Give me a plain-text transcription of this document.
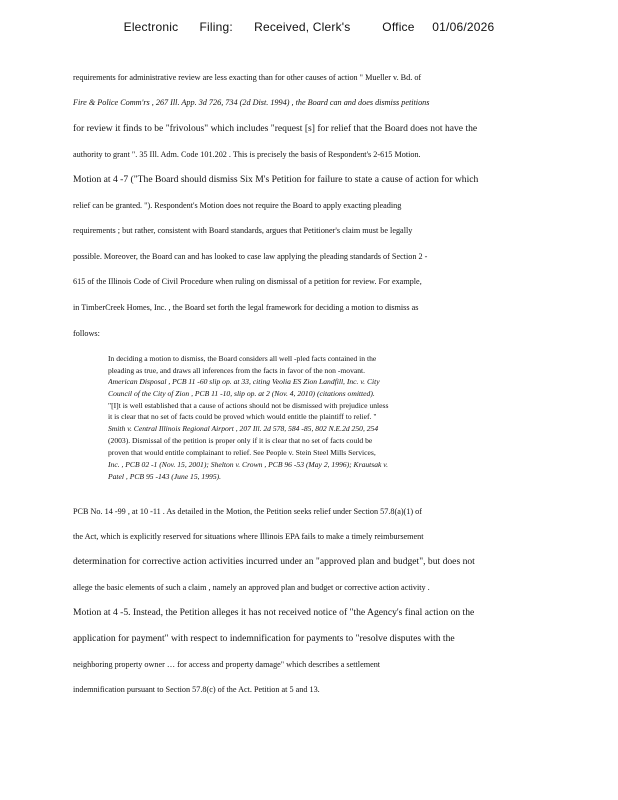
Electronic      Filing:      Received, Clerk's         Office     01/06/2026
requirements for administrative review are less exacting than for other causes of action " Mueller v. Bd. of
Fire & Police Comm'rs , 267 Ill. App. 3d 726, 734 (2d Dist. 1994) , the Board can and does dismiss petitions
for review it finds to be "frivolous" which includes "request [s] for relief that the Board does not have the
authority to grant ". 35 Ill. Adm. Code 101.202 . This is precisely the basis of Respondent's 2-615 Motion.
Motion at 4 -7 ("The Board should dismiss Six M's Petition for failure to state a cause of action for which
relief can be granted. "). Respondent's Motion does not require the Board to apply exacting pleading
requirements ; but rather, consistent with Board standards, argues that Petitioner's claim must be legally
possible. Moreover, the Board can and has looked to case law applying the pleading standards of Section 2 -
615 of the Illinois Code of Civil Procedure when ruling on dismissal of a petition for review. For example,
in TimberCreek Homes, Inc. , the Board set forth the legal framework for deciding a motion to dismiss as
follows:
In deciding a motion to dismiss, the Board considers all well -pled facts contained in the
pleading as true, and draws all inferences from the facts in favor of the non -movant.
American Disposal , PCB 11 -60 slip op. at 33, citing Veolia ES Zion Landfill, Inc. v. City
Council of the City of Zion , PCB 11 -10, slip op. at 2 (Nov. 4, 2010) (citations omitted).
"[I]t is well established that a cause of actions should not be dismissed with prejudice unless
it is clear that no set of facts could be proved which would entitle the plaintiff to relief. "
Smith v. Central Illinois Regional Airport , 207 Ill. 2d 578, 584 -85, 802 N.E.2d 250, 254
(2003). Dismissal of the petition is proper only if it is clear that no set of facts could be
proven that would entitle complainant to relief. See People v. Stein Steel Mills Services,
Inc. , PCB 02 -1 (Nov. 15, 2001); Shelton v. Crown , PCB 96 -53 (May 2, 1996); Krautsak v.
Patel , PCB 95 -143 (June 15, 1995).
PCB No. 14 -99 , at 10 -11 . As detailed in the Motion, the Petition seeks relief under Section 57.8(a)(1) of
the Act, which is explicitly reserved for situations where Illinois EPA fails to make a timely reimbursement
determination for corrective action activities incurred under an "approved plan and budget", but does not
allege the basic elements of such a claim , namely an approved plan and budget or corrective action activity .
Motion at 4 -5. Instead, the Petition alleges it has not received notice of "the Agency's final action on the
application for payment" with respect to indemnification for payments to "resolve disputes with the
neighboring property owner … for access and property damage" which describes a settlement
indemnification pursuant to Section 57.8(c) of the Act. Petition at 5 and 13.
